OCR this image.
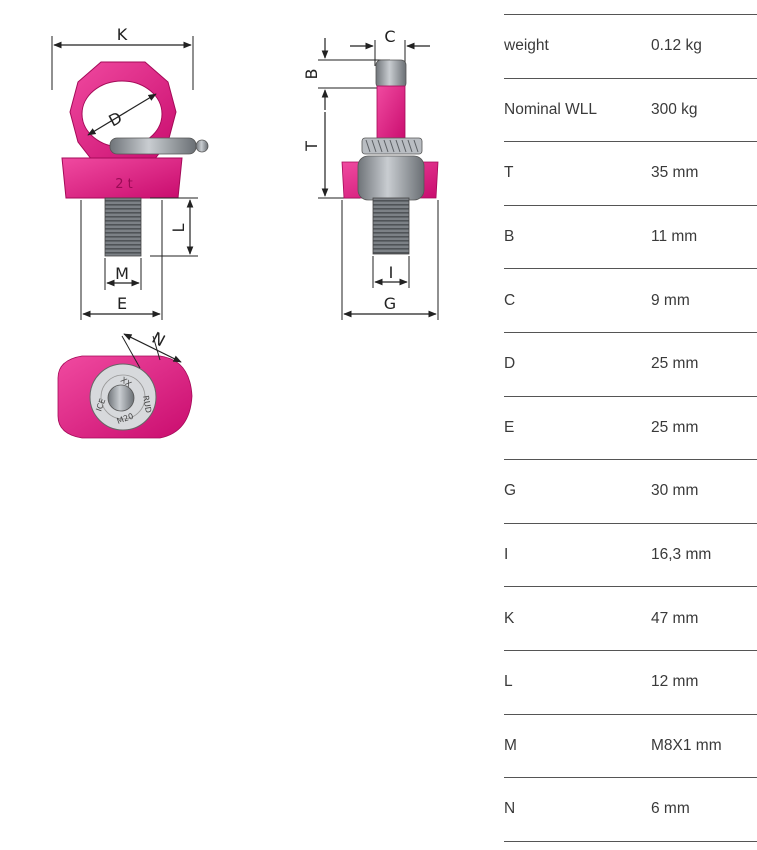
K
2 t
D
L
M
E
C
B
T
I
G
ICE
XX
RUD
M20
N
weight	0.12 kg
Nominal WLL	300 kg
T	35 mm
B	11 mm
C	9 mm
D	25 mm
E	25 mm
G	30 mm
I	16,3 mm
K	47 mm
L	12 mm
M	M8X1 mm
N	6 mm
